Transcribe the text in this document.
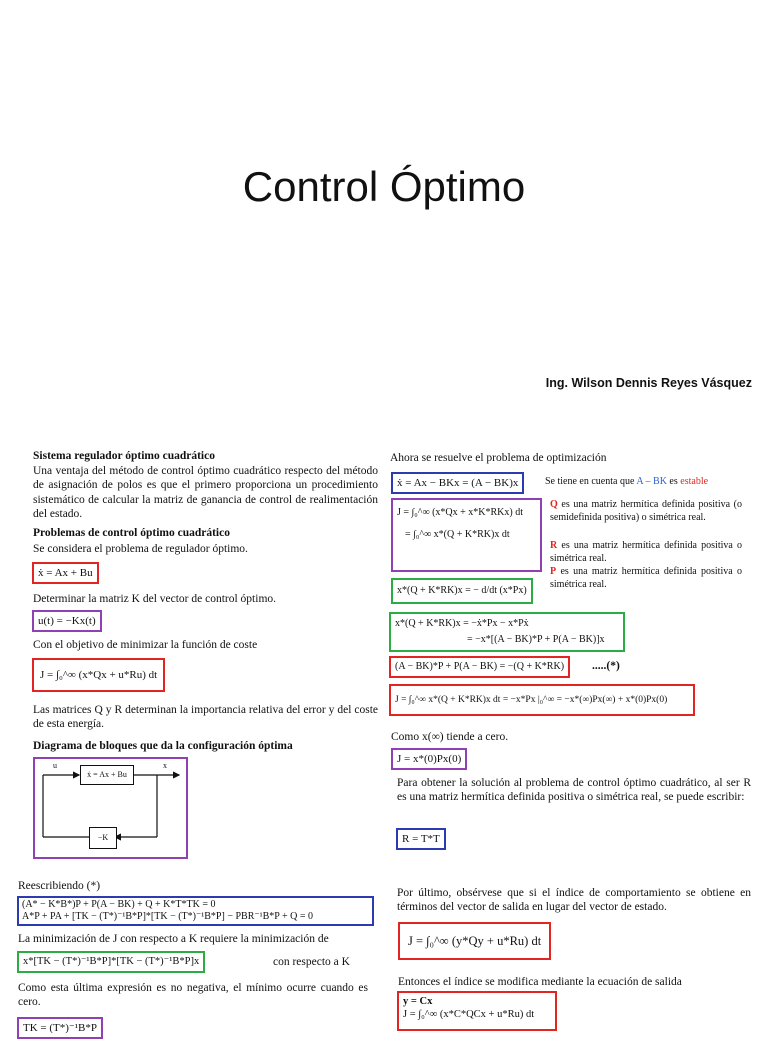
Control Óptimo
Ing. Wilson Dennis Reyes Vásquez
Sistema regulador óptimo cuadrático
Una ventaja del método de control óptimo cuadrático respecto del método de asignación de polos es que el primero proporciona un procedimiento sistemático de calcular la matriz de ganancia de control de realimentación del estado.
Problemas de control óptimo cuadrático
Se considera el problema de regulador óptimo.
ẋ = Ax + Bu
Determinar la matriz K del vector de control óptimo.
u(t) = −Kx(t)
Con el objetivo de minimizar la función de coste
J = ∫₀^∞ (x*Qx + u*Ru) dt
Las matrices Q y R determinan la importancia relativa del error y del coste de esta energía.
Diagrama de bloques que da la configuración óptima
u	x
ẋ = Ax + Bu
−K
Reescribiendo (*)
(A* − K*B*)P + P(A − BK) + Q + K*T*TK = 0
A*P + PA + [TK − (T*)⁻¹B*P]*[TK − (T*)⁻¹B*P] − PBR⁻¹B*P + Q = 0
La minimización de J con respecto a K requiere la minimización de
x*[TK − (T*)⁻¹B*P]*[TK − (T*)⁻¹B*P]x	con respecto a K
Como esta última expresión es no negativa, el mínimo ocurre cuando es cero.
TK = (T*)⁻¹B*P
Ahora se resuelve el problema de optimización
ẋ = Ax − BKx = (A − BK)x	Se tiene en cuenta que A – BK es estable
J = ∫₀^∞ (x*Qx + x*K*RKx) dt
= ∫₀^∞ x*(Q + K*RK)x dt
Q es una matriz hermítica definida positiva (o semidefinida positiva) o simétrica real.
R es una matriz hermítica definida positiva o simétrica real.
P es una matriz hermítica definida positiva o simétrica real.
x*(Q + K*RK)x = − d/dt (x*Px)
x*(Q + K*RK)x = −ẋ*Px − x*Pẋ
= −x*[(A − BK)*P + P(A − BK)]x
(A − BK)*P + P(A − BK) = −(Q + K*RK)	.....(*)
J = ∫₀^∞ x*(Q + K*RK)x dt = −x*Px |₀^∞ = −x*(∞)Px(∞) + x*(0)Px(0)
Como x(∞) tiende a cero.
J = x*(0)Px(0)
Para obtener la solución al problema de control óptimo cuadrático, al ser R es una matriz hermítica definida positiva o simétrica real, se puede escribir:
R = T*T
Por último, obsérvese que si el índice de comportamiento se obtiene en términos del vector de salida en lugar del vector de estado.
J = ∫₀^∞ (y*Qy + u*Ru) dt
Entonces el índice se modifica mediante la ecuación de salida
y = Cx
J = ∫₀^∞ (x*C*QCx + u*Ru) dt
